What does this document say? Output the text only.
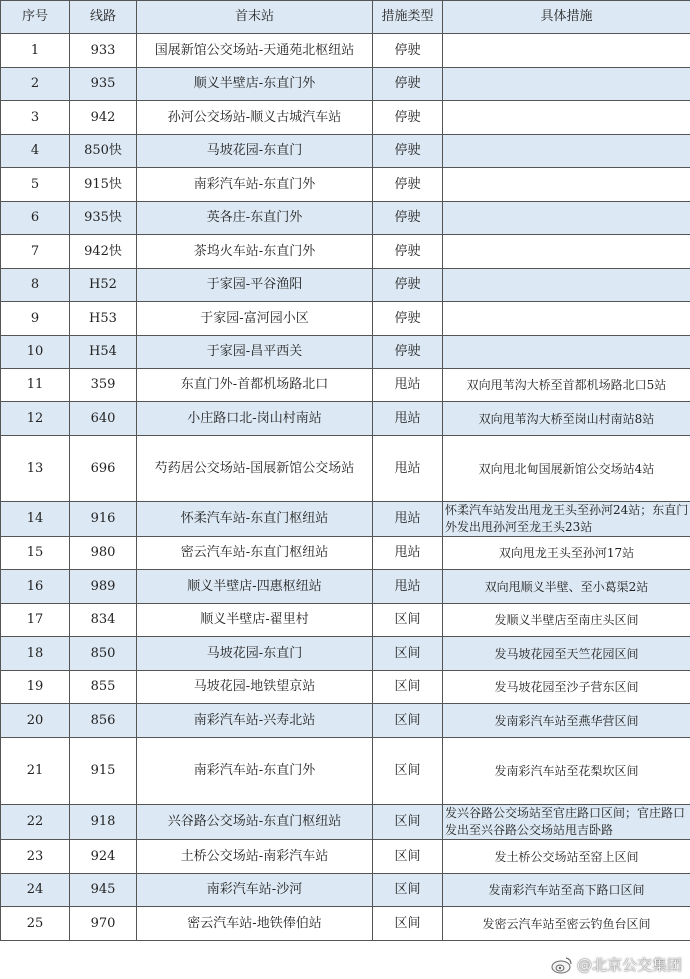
序号	线路	首末站	措施类型	具体措施
1	933	国展新馆公交场站-天通苑北枢纽站	停驶	
2	935	顺义半壁店-东直门外	停驶	
3	942	孙河公交场站-顺义古城汽车站	停驶	
4	850快	马坡花园-东直门	停驶	
5	915快	南彩汽车站-东直门外	停驶	
6	935快	英各庄-东直门外	停驶	
7	942快	茶坞火车站-东直门外	停驶	
8	H52	于家园-平谷渔阳	停驶	
9	H53	于家园-富河园小区	停驶	
10	H54	于家园-昌平西关	停驶	
11	359	东直门外-首都机场路北口	甩站	双向甩苇沟大桥至首都机场路北口5站
12	640	小庄路口北-岗山村南站	甩站	双向甩苇沟大桥至岗山村南站8站
13	696	芍药居公交场站-国展新馆公交场站	甩站	双向甩北甸国展新馆公交场站4站
14	916	怀柔汽车站-东直门枢纽站	甩站	怀柔汽车站发出甩龙王头至孙河24站；东直门外发出甩孙河至龙王头23站
15	980	密云汽车站-东直门枢纽站	甩站	双向甩龙王头至孙河17站
16	989	顺义半壁店-四惠枢纽站	甩站	双向甩顺义半壁、至小葛渠2站
17	834	顺义半壁店-翟里村	区间	发顺义半壁店至南庄头区间
18	850	马坡花园-东直门	区间	发马坡花园至天竺花园区间
19	855	马坡花园-地铁望京站	区间	发马坡花园至沙子营东区间
20	856	南彩汽车站-兴寿北站	区间	发南彩汽车站至燕华营区间
21	915	南彩汽车站-东直门外	区间	发南彩汽车站至花梨坎区间
22	918	兴谷路公交场站-东直门枢纽站	区间	发兴谷路公交场站至官庄路口区间；官庄路口发出至兴谷路公交场站甩吉卧路
23	924	土桥公交场站-南彩汽车站	区间	发土桥公交场站至窑上区间
24	945	南彩汽车站-沙河	区间	发南彩汽车站至高下路口区间
25	970	密云汽车站-地铁俸伯站	区间	发密云汽车站至密云钓鱼台区间
@北京公交集团
